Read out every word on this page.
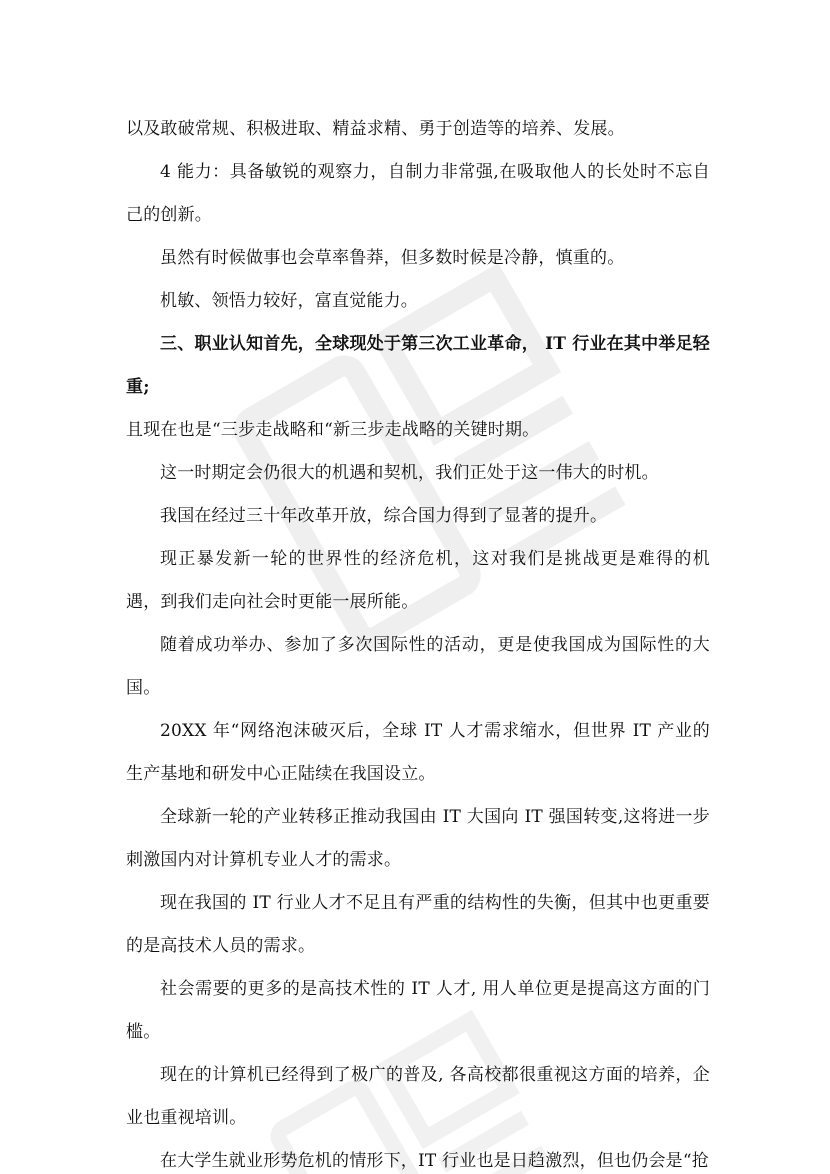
以及敢破常规、积极进取、精益求精、勇于创造等的培养、发展。

4 能力：具备敏锐的观察力，自制力非常强,在吸取他人的长处时不忘自己的创新。

虽然有时候做事也会草率鲁莽，但多数时候是冷静，慎重的。

机敏、领悟力较好，富直觉能力。

三、职业认知首先，全球现处于第三次工业革命， IT 行业在其中举足轻重;

且现在也是“三步走战略和“新三步走战略的关键时期。

这一时期定会仍很大的机遇和契机，我们正处于这一伟大的时机。

我国在经过三十年改革开放，综合国力得到了显著的提升。

现正暴发新一轮的世界性的经济危机，这对我们是挑战更是难得的机遇，到我们走向社会时更能一展所能。

随着成功举办、参加了多次国际性的活动，更是使我国成为国际性的大国。

20XX 年“网络泡沫破灭后，全球 IT 人才需求缩水，但世界 IT 产业的生产基地和研发中心正陆续在我国设立。

全球新一轮的产业转移正推动我国由 IT 大国向 IT 强国转变,这将进一步刺激国内对计算机专业人才的需求。

现在我国的 IT 行业人才不足且有严重的结构性的失衡，但其中也更重要的是高技术人员的需求。

社会需要的更多的是高技术性的 IT 人才, 用人单位更是提高这方面的门槛。

现在的计算机已经得到了极广的普及, 各高校都很重视这方面的培养，企业也重视培训。

在大学生就业形势危机的情形下，IT 行业也是日趋激烈，但也仍会是“抢
